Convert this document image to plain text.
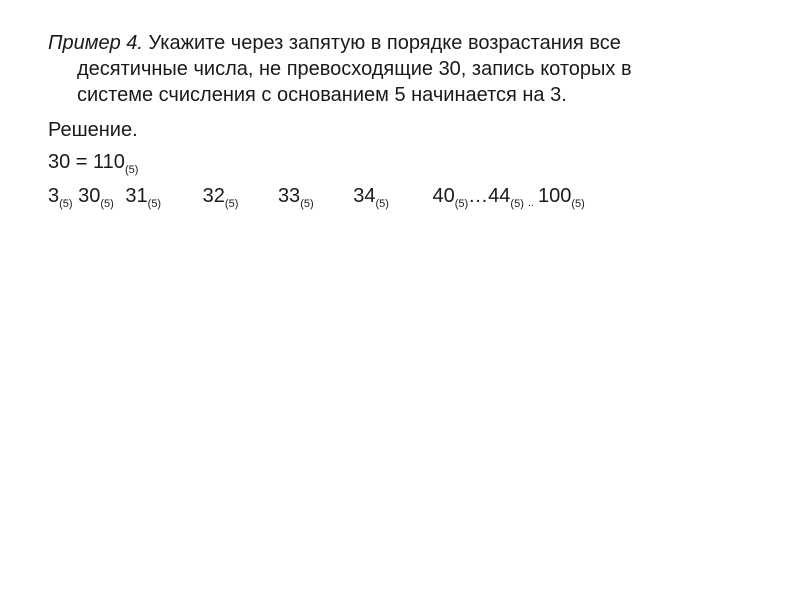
Пример 4. Укажите через запятую в порядке возрастания все
десятичные числа, не превосходящие 30, запись которых в
системе счисления с основанием 5 начинается на 3.
Решение.
$30 = 110_{(5)}$
$3_{(5)}$ $30_{(5)}$ $31_{(5)}$ $32_{(5)}$ $33_{(5)}$ $34_{(5)}$ $40_{(5)}\dots 44_{(5)}$ $_{..}$ $100_{(5)}$
